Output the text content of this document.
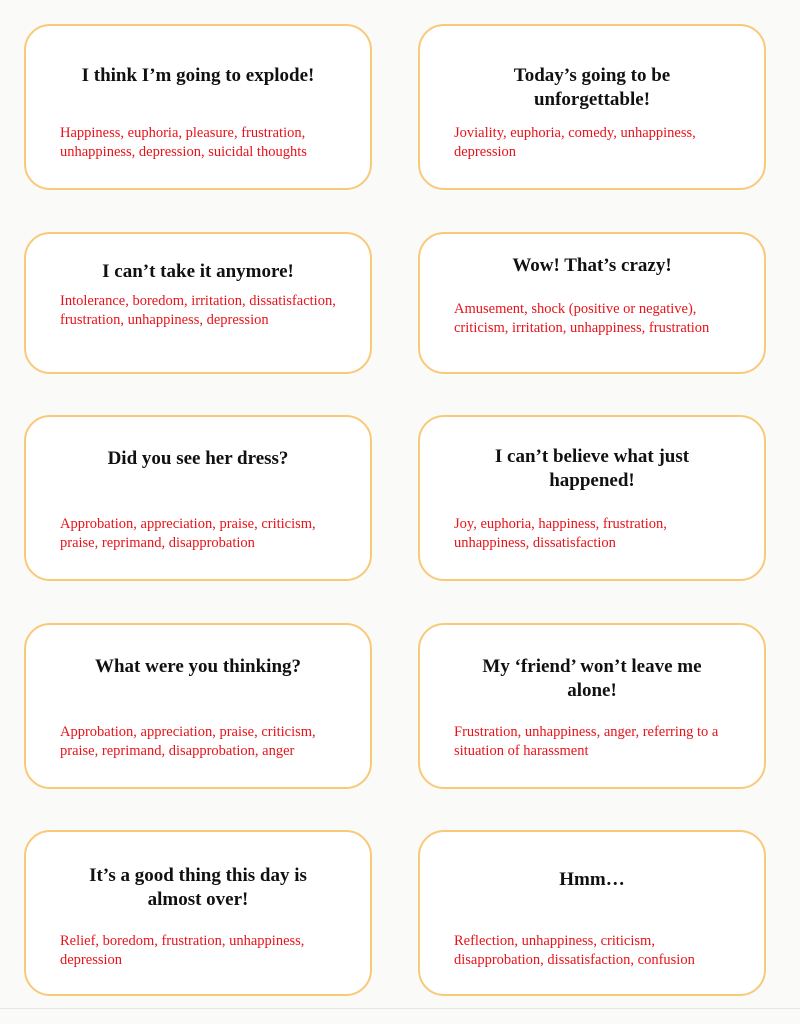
I think I’m going to explode!
Happiness, euphoria, pleasure, frustration, unhappiness, depression, suicidal thoughts
Today’s going to be unforgettable!
Joviality, euphoria, comedy, unhappiness, depression
I can’t take it anymore!
Intolerance, boredom, irritation, dissatisfaction, frustration, unhappiness, depression
Wow! That’s crazy!
Amusement, shock (positive or negative), criticism, irritation, unhappiness, frustration
Did you see her dress?
Approbation, appreciation, praise, criticism, praise, reprimand, disapprobation
I can’t believe what just happened!
Joy, euphoria, happiness, frustration, unhappiness, dissatisfaction
What were you thinking?
Approbation, appreciation, praise, criticism, praise, reprimand, disapprobation, anger
My ‘friend’ won’t leave me alone!
Frustration, unhappiness, anger, referring to a situation of harassment
It’s a good thing this day is almost over!
Relief, boredom, frustration, unhappiness, depression
Hmm…
Reflection, unhappiness, criticism, disapprobation, dissatisfaction, confusion
